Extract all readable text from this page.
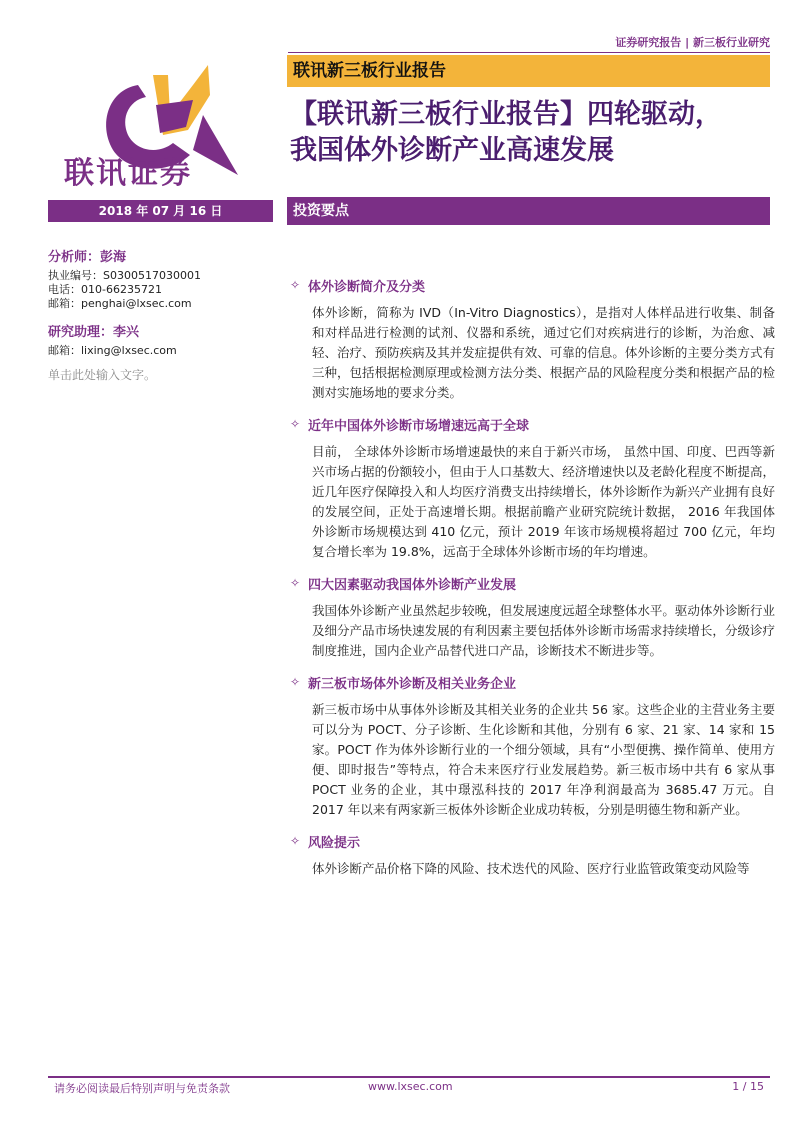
证券研究报告 | 新三板行业研究
联讯证券
联讯新三板行业报告
【联讯新三板行业报告】四轮驱动，
我国体外诊断产业高速发展
2018 年 07 月 16 日	投资要点
分析师：彭海
执业编号：S0300517030001
电话：010-66235721
邮箱：penghai@lxsec.com
研究助理：李兴
邮箱：lixing@lxsec.com
单击此处输入文字。
✧ 体外诊断简介及分类
体外诊断，简称为 IVD（In-Vitro Diagnostics），是指对人体样品进行收集、制备和对样品进行检测的试剂、仪器和系统，通过它们对疾病进行的诊断，为治愈、减轻、治疗、预防疾病及其并发症提供有效、可靠的信息。体外诊断的主要分类方式有三种，包括根据检测原理或检测方法分类、根据产品的风险程度分类和根据产品的检测对实施场地的要求分类。
✧ 近年中国体外诊断市场增速远高于全球
目前， 全球体外诊断市场增速最快的来自于新兴市场， 虽然中国、印度、巴西等新兴市场占据的份额较小，但由于人口基数大、经济增速快以及老龄化程度不断提高，近几年医疗保障投入和人均医疗消费支出持续增长，体外诊断作为新兴产业拥有良好的发展空间，正处于高速增长期。根据前瞻产业研究院统计数据， 2016 年我国体外诊断市场规模达到 410 亿元，预计 2019 年该市场规模将超过 700 亿元，年均复合增长率为 19.8%，远高于全球体外诊断市场的年均增速。
✧ 四大因素驱动我国体外诊断产业发展
我国体外诊断产业虽然起步较晚，但发展速度远超全球整体水平。驱动体外诊断行业及细分产品市场快速发展的有利因素主要包括体外诊断市场需求持续增长，分级诊疗制度推进，国内企业产品替代进口产品，诊断技术不断进步等。
✧ 新三板市场体外诊断及相关业务企业
新三板市场中从事体外诊断及其相关业务的企业共 56 家。这些企业的主营业务主要可以分为 POCT、分子诊断、生化诊断和其他，分别有 6 家、21 家、14 家和 15 家。POCT 作为体外诊断行业的一个细分领域，具有“小型便携、操作简单、使用方便、即时报告”等特点，符合未来医疗行业发展趋势。新三板市场中共有 6 家从事 POCT 业务的企业，其中璟泓科技的 2017 年净利润最高为 3685.47 万元。自 2017 年以来有两家新三板体外诊断企业成功转板，分别是明德生物和新产业。
✧ 风险提示
体外诊断产品价格下降的风险、技术迭代的风险、医疗行业监管政策变动风险等
请务必阅读最后特别声明与免责条款	www.lxsec.com	1 / 15
